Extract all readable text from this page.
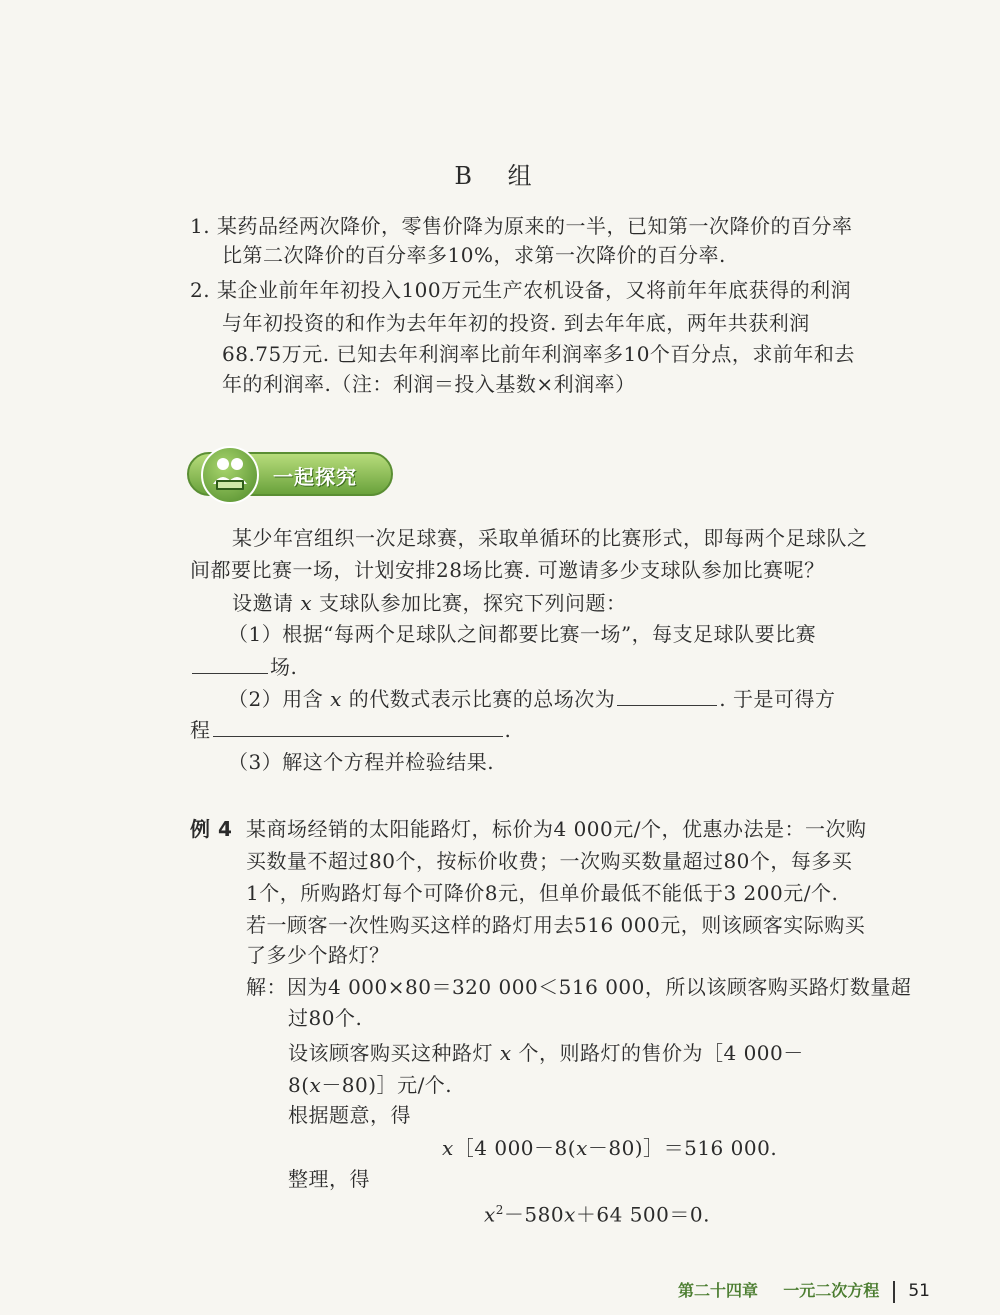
B 组
1. 某药品经两次降价，零售价降为原来的一半，已知第一次降价的百分率
比第二次降价的百分率多10%，求第一次降价的百分率.
2. 某企业前年年初投入100万元生产农机设备，又将前年年底获得的利润
与年初投资的和作为去年年初的投资. 到去年年底，两年共获利润
68.75万元. 已知去年利润率比前年利润率多10个百分点，求前年和去
年的利润率.（注：利润＝投入基数×利润率）
一起探究
某少年宫组织一次足球赛，采取单循环的比赛形式，即每两个足球队之
间都要比赛一场，计划安排28场比赛. 可邀请多少支球队参加比赛呢？
设邀请 x 支球队参加比赛，探究下列问题：
（1）根据“每两个足球队之间都要比赛一场”，每支足球队要比赛
场.
（2）用含 x 的代数式表示比赛的总场次为	. 于是可得方
程	.
（3）解这个方程并检验结果.
例 4 某商场经销的太阳能路灯，标价为4 000元/个，优惠办法是：一次购
买数量不超过80个，按标价收费；一次购买数量超过80个，每多买
1个，所购路灯每个可降价8元，但单价最低不能低于3 200元/个.
若一顾客一次性购买这样的路灯用去516 000元，则该顾客实际购买
了多少个路灯？
解：因为4 000×80＝320 000＜516 000，所以该顾客购买路灯数量超
过80个.
设该顾客购买这种路灯 x 个，则路灯的售价为［4 000－
8(x－80)］元/个.
根据题意，得
x［4 000－8(x－80)］＝516 000.
整理，得
$x^2-580x+64$ 500＝0.
第二十四章 一元二次方程 51
